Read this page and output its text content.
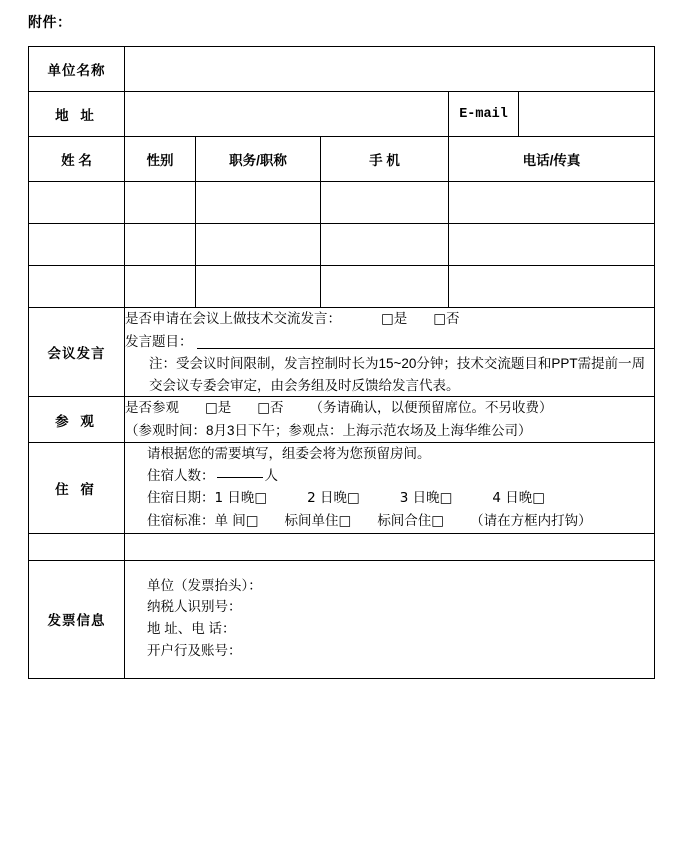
附件：
单位名称					
地 址				E-mail	
姓 名	性别	职务/职称	手 机	电话/传真	

会议发言	是否申请在会议上做技术交流发言： □是 □否
发言题目：
注：受会议时间限制，发言控制时长为15~20分钟；技术交流题目和PPT需提前一周交会议专委会审定，由会务组及时反馈给发言代表。				

参 观	是否参观 □是 □否 （务请确认，以便预留席位。不另收费）
（参观时间：8月3日下午；参观点：上海示范农场及上海华维公司）				

住 宿	请根据您的需要填写，组委会将为您预留房间。
住宿人数： 人
住宿日期：1 日晚□ 2 日晚□ 3 日晚□ 4 日晚□
住宿标准：单 间□ 标间单住□ 标间合住□ （请在方框内打钩）				

发票信息	单位（发票抬头）：
纳税人识别号：
地 址、电 话：
开户行及账号：				
